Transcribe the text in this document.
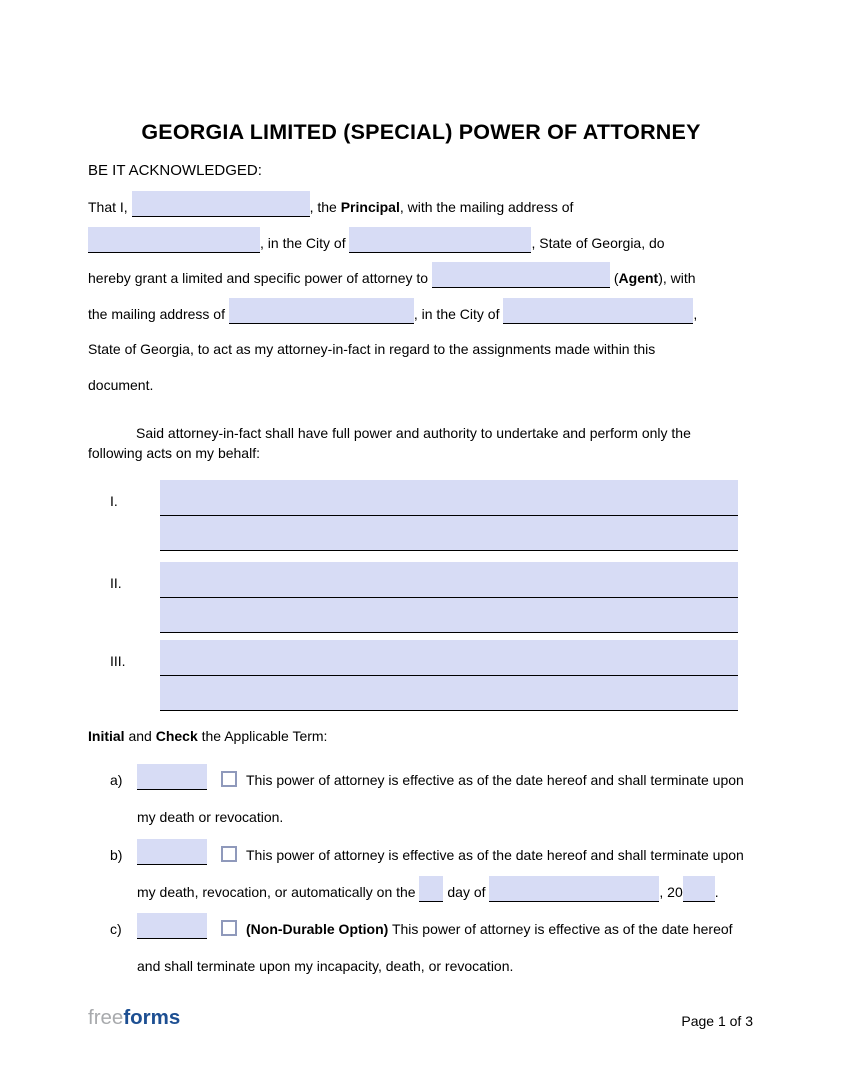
GEORGIA LIMITED (SPECIAL) POWER OF ATTORNEY
BE IT ACKNOWLEDGED:
That I,	, the Principal, with the mailing address of
, in the City of	, State of Georgia, do
hereby grant a limited and specific power of attorney to	(Agent), with
the mailing address of	, in the City of	,
State of Georgia, to act as my attorney-in-fact in regard to the assignments made within this
document.
Said attorney-in-fact shall have full power and authority to undertake and perform only the
following acts on my behalf:
I.
II.
III.
Initial and Check the Applicable Term:
a)	This power of attorney is effective as of the date hereof and shall terminate upon
my death or revocation.
b)	This power of attorney is effective as of the date hereof and shall terminate upon
my death, revocation, or automatically on the  day of	, 20 .
c)	(Non-Durable Option) This power of attorney is effective as of the date hereof
and shall terminate upon my incapacity, death, or revocation.
freeforms	Page 1 of 3
